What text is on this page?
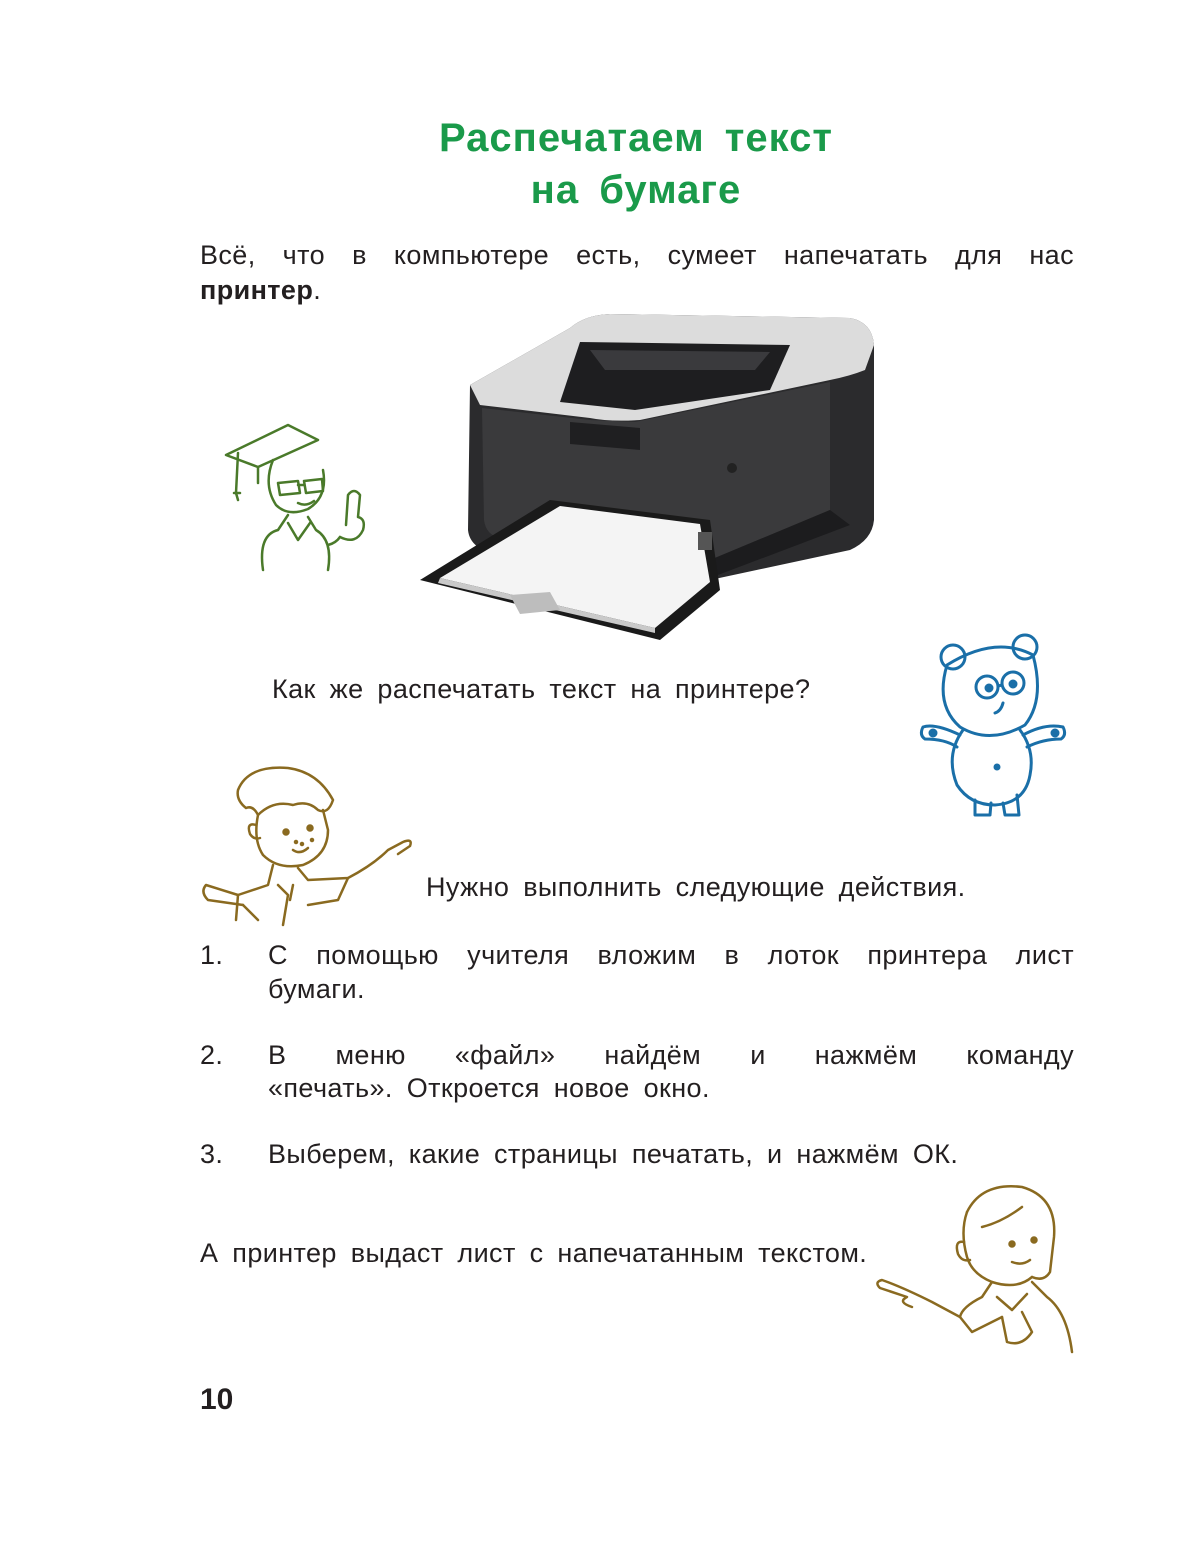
Распечатаем текст
на бумаге
Всё, что в компьютере есть, сумеет напечатать для нас
принтер.
Как же распечатать текст на принтере?
Нужно выполнить следующие действия.
1. С помощью учителя вложим в лоток принтера лист
бумаги.
2. В меню «файл» найдём и нажмём команду
«печать». Откроется новое окно.
3. Выберем, какие страницы печатать, и нажмём ОК.
А принтер выдаст лист с напечатанным текстом.
10
